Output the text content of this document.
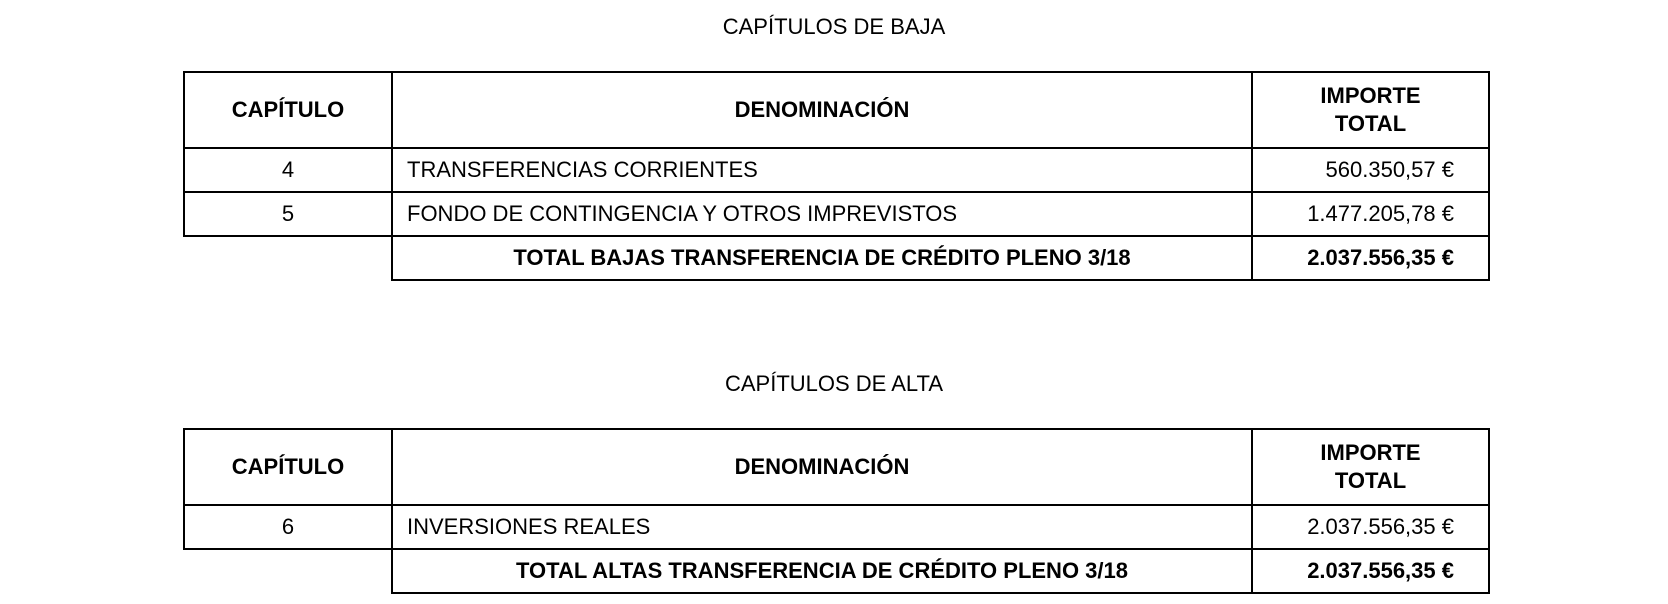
CAPÍTULOS DE BAJA
CAPÍTULO	DENOMINACIÓN	IMPORTE
TOTAL

4	TRANSFERENCIAS CORRIENTES	560.350,57 €
5	FONDO DE CONTINGENCIA Y OTROS IMPREVISTOS	1.477.205,78 €
	TOTAL BAJAS TRANSFERENCIA DE CRÉDITO PLENO 3/18	2.037.556,35 €
CAPÍTULOS DE ALTA
CAPÍTULO	DENOMINACIÓN	IMPORTE
TOTAL

6	INVERSIONES REALES	2.037.556,35 €
	TOTAL ALTAS TRANSFERENCIA DE CRÉDITO PLENO 3/18	2.037.556,35 €
